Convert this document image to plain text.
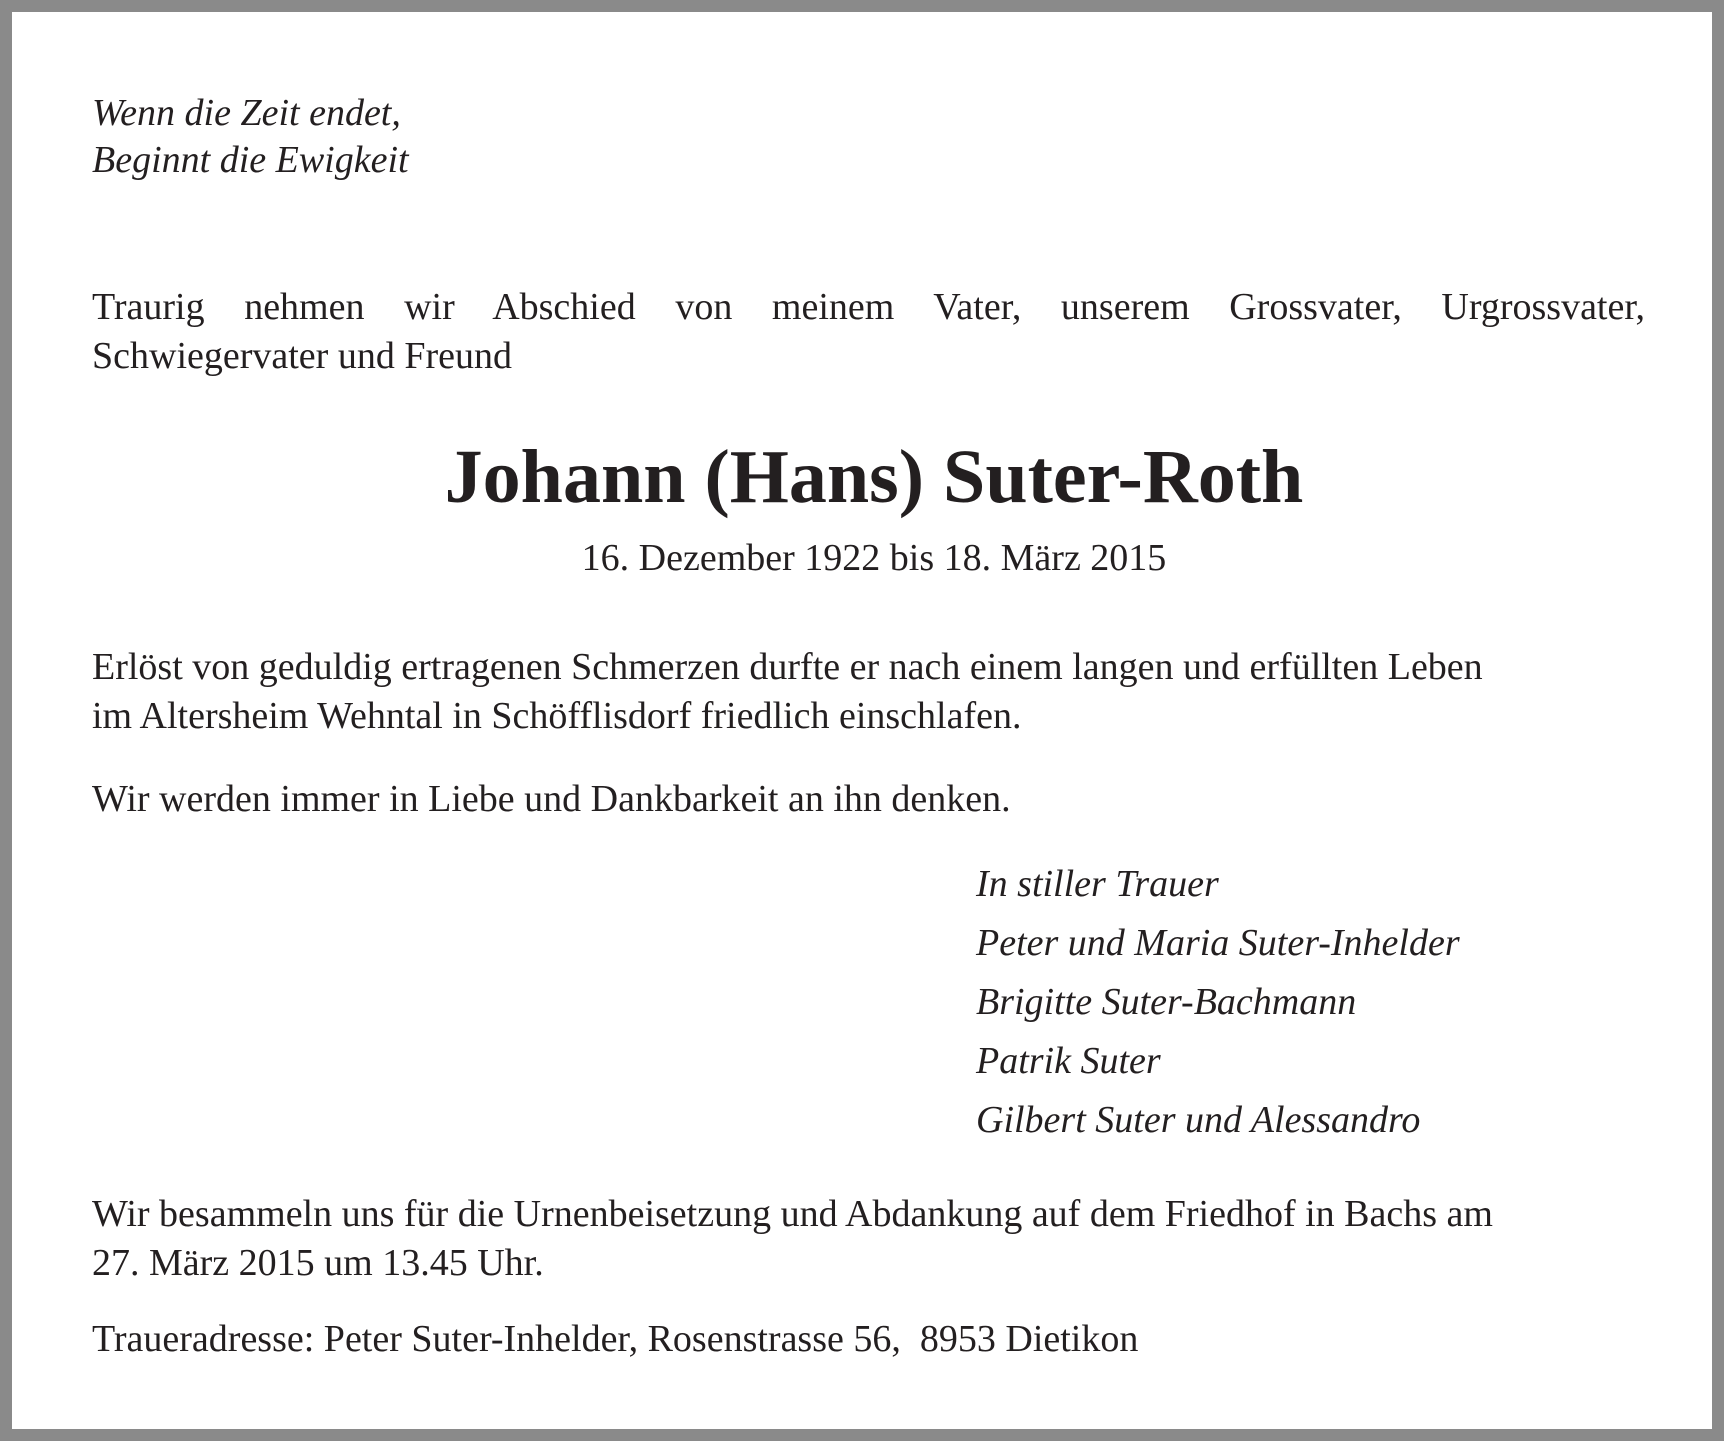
Wenn die Zeit endet,
Beginnt die Ewigkeit
Traurig nehmen wir Abschied von meinem Vater, unserem Grossvater, Urgrossvater,
Schwiegervater und Freund
Johann (Hans) Suter-Roth
16. Dezember 1922 bis 18. März 2015
Erlöst von geduldig ertragenen Schmerzen durfte er nach einem langen und erfüllten Leben
im Altersheim Wehntal in Schöfflisdorf friedlich einschlafen.
Wir werden immer in Liebe und Dankbarkeit an ihn denken.
In stiller Trauer
Peter und Maria Suter-Inhelder
Brigitte Suter-Bachmann
Patrik Suter
Gilbert Suter und Alessandro
Wir besammeln uns für die Urnenbeisetzung und Abdankung auf dem Friedhof in Bachs am
27. März 2015 um 13.45 Uhr.
Traueradresse: Peter Suter-Inhelder, Rosenstrasse 56,  8953 Dietikon
